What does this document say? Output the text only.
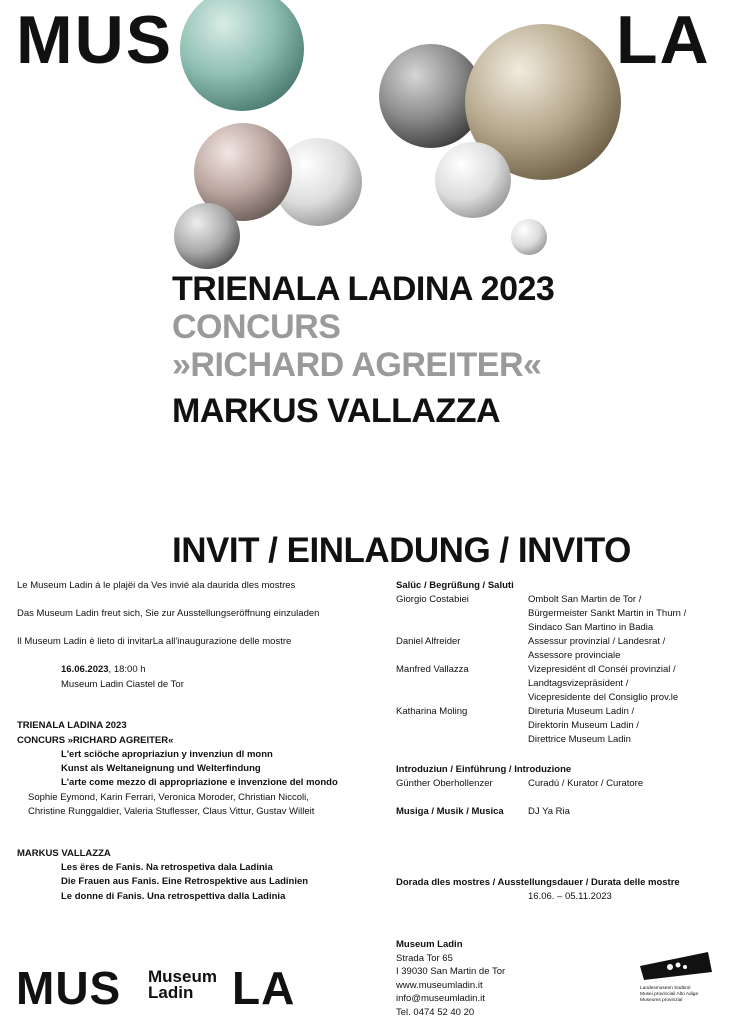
MUS	LA
TRIENALA LADINA 2023
CONCURS
»RICHARD AGREITER«
MARKUS VALLAZZA
INVIT / EINLADUNG / INVITO
Le Museum Ladin á le plajëi da Ves invié ala daurida dles mostres
Das Museum Ladin freut sich, Sie zur Ausstellungseröffnung einzuladen
Il Museum Ladin è lieto di invitarLa all'inaugurazione delle mostre
16.06.2023, 18:00 h
Museum Ladin Ciastel de Tor
TRIENALA LADINA 2023
CONCURS »RICHARD AGREITER«
L'ert sciöche apropriaziun y invenziun dl monn
Kunst als Weltaneignung und Welterfindung
L'arte come mezzo di appropriazione e invenzione del mondo
Sophie Eymond, Karin Ferrari, Veronica Moroder, Christian Niccoli,
Christine Runggaldier, Valeria Stuflesser, Claus Vittur, Gustav Willeit
MARKUS VALLAZZA
Les ëres de Fanis. Na retrospetiva dala Ladinia
Die Frauen aus Fanis. Eine Retrospektive aus Ladinien
Le donne di Fanis. Una retrospettiva dalla Ladinia
Salüc / Begrüßung / Saluti
Giorgio Costabiei	Ombolt San Martin de Tor /
Bürgermeister Sankt Martin in Thurn /
Sindaco San Martino in Badia
Daniel Alfreider	Assessur provinzial / Landesrat /
Assessore provinciale
Manfred Vallazza	Vizepresidënt dl Conséi provinzial /
Landtagsvizepräsident /
Vicepresidente del Consiglio prov.le
Katharina Moling	Direturia Museum Ladin /
Direktorin Museum Ladin /
Direttrice Museum Ladin
Introduziun / Einführung / Introduzione
Günther Oberhollenzer	Curadú / Kurator / Curatore
Musiga / Musik / Musica	DJ Ya Ria
Dorada dles mostres / Ausstellungsdauer / Durata delle mostre
16.06. – 05.11.2023
Museum Ladin
Strada Tor 65
I 39030 San Martin de Tor
www.museumladin.it
info@museumladin.it
Tel. 0474 52 40 20
MUS Museum
Ladin LA	Landesmuseen Südtirol
Musei provinciali Alto Adige
Museums provinzial
